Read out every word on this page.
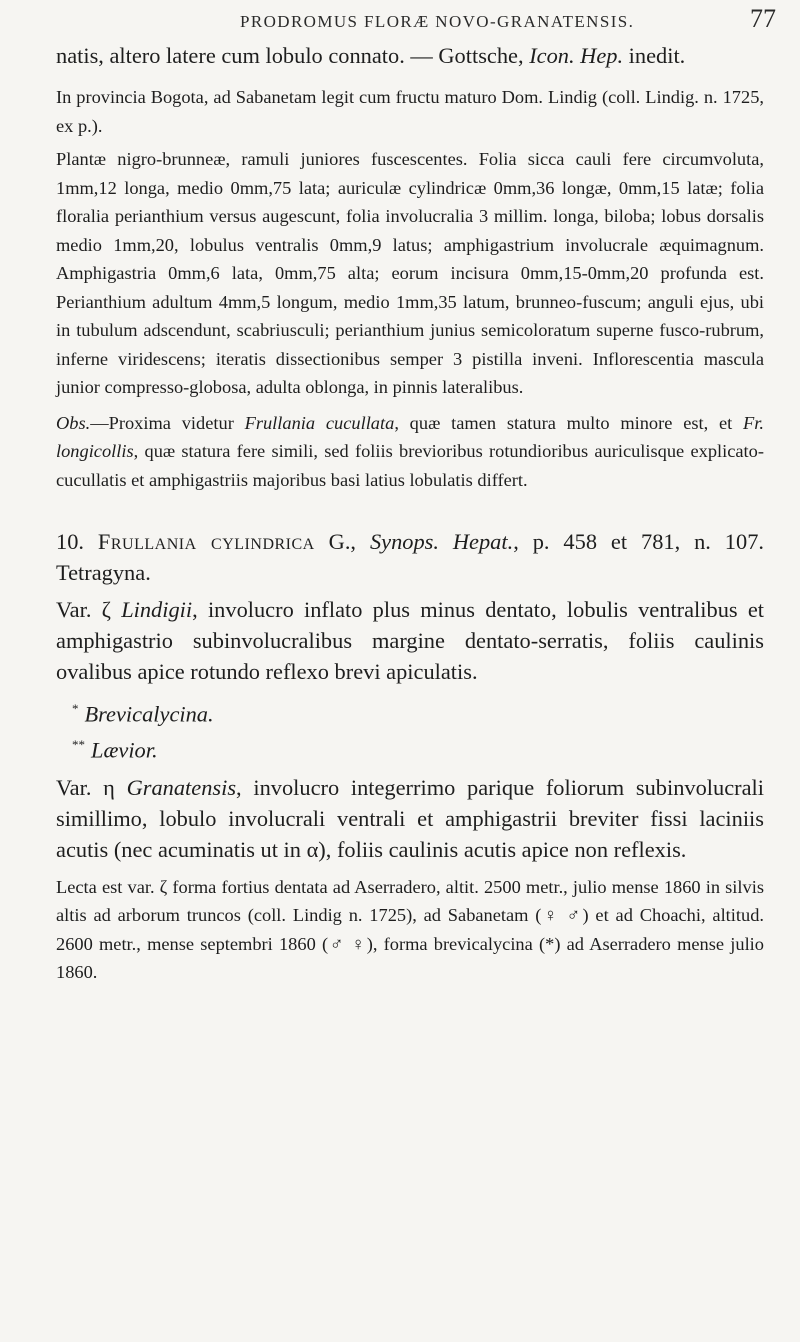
PRODROMUS FLORÆ NOVO-GRANATENSIS.	77

natis, altero latere cum lobulo connato. — Gottsche, Icon. Hep. inedit.

In provincia Bogota, ad Sabanetam legit cum fructu maturo Dom. Lindig (coll. Lindig. n. 1725, ex p.).

Plantæ nigro-brunneæ, ramuli juniores fuscescentes. Folia sicca cauli fere circumvoluta, 1mm,12 longa, medio 0mm,75 lata; auriculæ cylindricæ 0mm,36 longæ, 0mm,15 latæ; folia floralia perianthium versus augescunt, folia involucralia 3 millim. longa, biloba; lobus dorsalis medio 1mm,20, lobulus ventralis 0mm,9 latus; amphigastrium involucrale æquimagnum. Amphigastria 0mm,6 lata, 0mm,75 alta; eorum incisura 0mm,15-0mm,20 profunda est. Perianthium adultum 4mm,5 longum, medio 1mm,35 latum, brunneo-fuscum; anguli ejus, ubi in tubulum adscendunt, scabriusculi; perianthium junius semicoloratum superne fusco-rubrum, inferne viridescens; iteratis dissectionibus semper 3 pistilla inveni. Inflorescentia mascula junior compresso-globosa, adulta oblonga, in pinnis lateralibus.

Obs.—Proxima videtur Frullania cucullata, quæ tamen statura multo minore est, et Fr. longicollis, quæ statura fere simili, sed foliis brevioribus rotundioribus auriculisque explicato-cucullatis et amphigastriis majoribus basi latius lobulatis differt.

10. Frullania cylindrica G., Synops. Hepat., p. 458 et 781, n. 107. Tetragyna.

Var. ζ Lindigii, involucro inflato plus minus dentato, lobulis ventralibus et amphigastrio subinvolucralibus margine dentato-serratis, foliis caulinis ovalibus apice rotundo reflexo brevi apiculatis.

* Brevicalycina.

** Lævior.

Var. η Granatensis, involucro integerrimo parique foliorum subinvolucrali simillimo, lobulo involucrali ventrali et amphigastrii breviter fissi laciniis acutis (nec acuminatis ut in α), foliis caulinis acutis apice non reflexis.

Lecta est var. ζ forma fortius dentata ad Aserradero, altit. 2500 metr., julio mense 1860 in silvis altis ad arborum truncos (coll. Lindig n. 1725), ad Sabanetam (♀ ♂) et ad Choachi, altitud. 2600 metr., mense septembri 1860 (♂ ♀), forma brevicalycina (*) ad Aserradero mense julio 1860.
